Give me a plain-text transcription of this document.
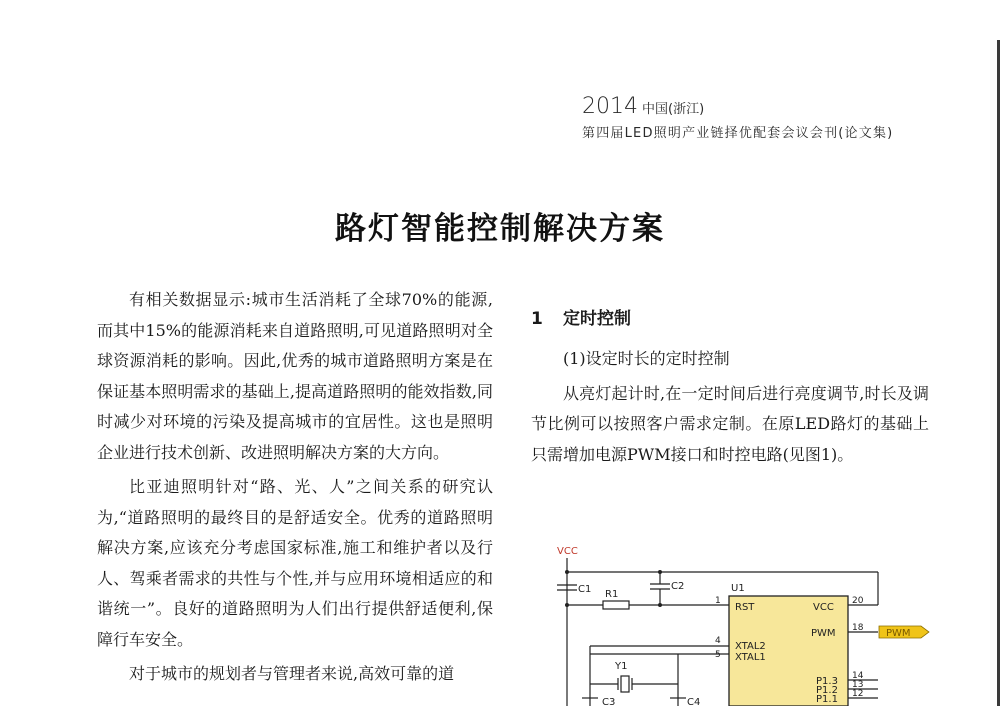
2014 中国(浙江)
第四届LED照明产业链择优配套会议会刊(论文集)
路灯智能控制解决方案

有相关数据显示:城市生活消耗了全球70%的能源,而其中15%的能源消耗来自道路照明,可见道路照明对全球资源消耗的影响。因此,优秀的城市道路照明方案是在保证基本照明需求的基础上,提高道路照明的能效指数,同时减少对环境的污染及提高城市的宜居性。这也是照明企业进行技术创新、改进照明解决方案的大方向。

比亚迪照明针对“路、光、人”之间关系的研究认为,“道路照明的最终目的是舒适安全。优秀的道路照明解决方案,应该充分考虑国家标准,施工和维护者以及行人、驾乘者需求的共性与个性,并与应用环境相适应的和谐统一”。良好的道路照明为人们出行提供舒适便利,保障行车安全。

对于城市的规划者与管理者来说,高效可靠的道

1 定时控制
(1)设定时长的定时控制

从亮灯起计时,在一定时间后进行亮度调节,时长及调节比例可以按照客户需求定制。在原LED路灯的基础上只需增加电源PWM接口和时控电路(见图1)。

VCC
C1	C2
R1
U1
Y1
C3	C4
1	20
18
4
5
14
13
12
RST	VCC
PWM
XTAL2
XTAL1
P1.3
P1.2
P1.1
PWM
